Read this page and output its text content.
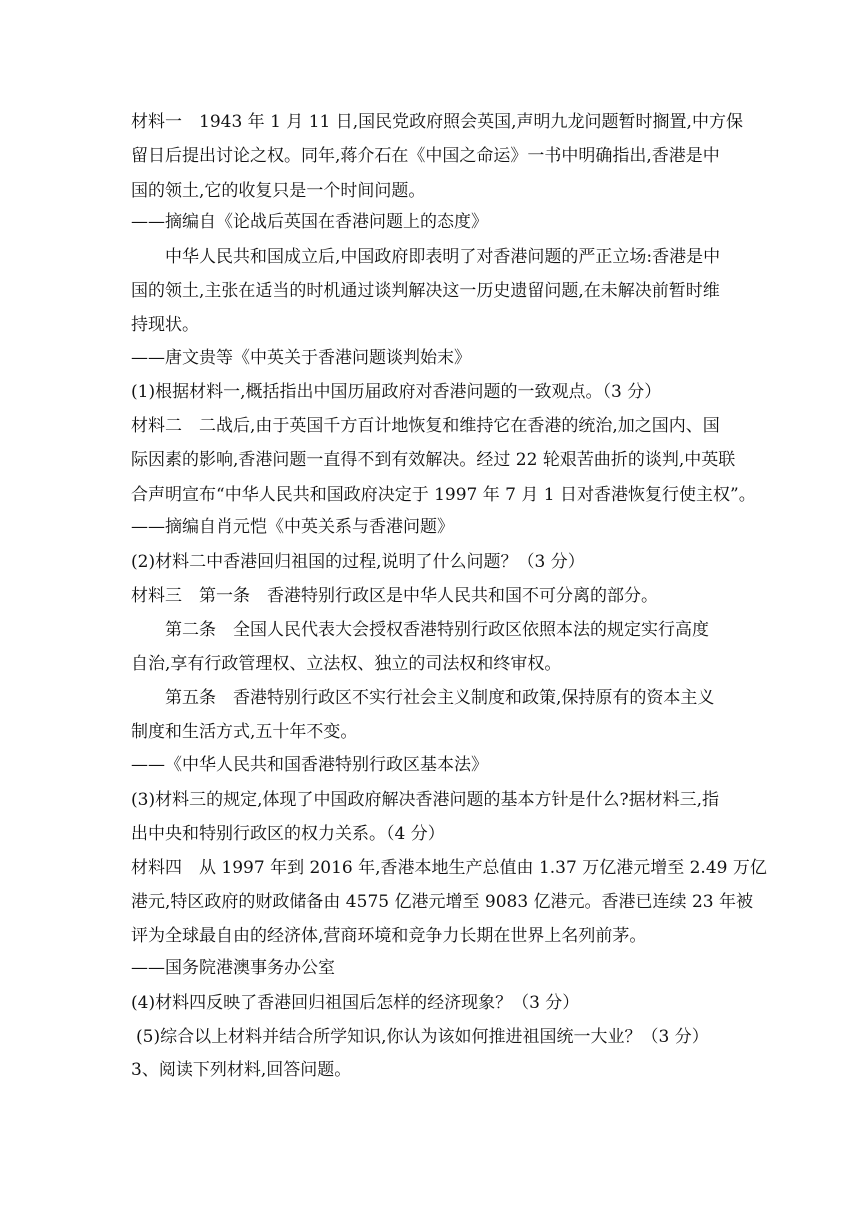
材料一　1943 年 1 月 11 日,国民党政府照会英国,声明九龙问题暂时搁置,中方保
留日后提出讨论之权。同年,蒋介石在《中国之命运》一书中明确指出,香港是中
国的领土,它的收复只是一个时间问题。
——摘编自《论战后英国在香港问题上的态度》
中华人民共和国成立后,中国政府即表明了对香港问题的严正立场:香港是中
国的领土,主张在适当的时机通过谈判解决这一历史遗留问题,在未解决前暂时维
持现状。
——唐文贵等《中英关于香港问题谈判始末》
(1)根据材料一,概括指出中国历届政府对香港问题的一致观点。（3 分）
材料二　二战后,由于英国千方百计地恢复和维持它在香港的统治,加之国内、国
际因素的影响,香港问题一直得不到有效解决。经过 22 轮艰苦曲折的谈判,中英联
合声明宣布“中华人民共和国政府决定于 1997 年 7 月 1 日对香港恢复行使主权”。
——摘编自肖元恺《中英关系与香港问题》
(2)材料二中香港回归祖国的过程,说明了什么问题？（3 分）
材料三　第一条　香港特别行政区是中华人民共和国不可分离的部分。
第二条　全国人民代表大会授权香港特别行政区依照本法的规定实行高度
自治,享有行政管理权、立法权、独立的司法权和终审权。
第五条　香港特别行政区不实行社会主义制度和政策,保持原有的资本主义
制度和生活方式,五十年不变。
——《中华人民共和国香港特别行政区基本法》
(3)材料三的规定,体现了中国政府解决香港问题的基本方针是什么?据材料三,指
出中央和特别行政区的权力关系。（4 分）
材料四　从 1997 年到 2016 年,香港本地生产总值由 1.37 万亿港元增至 2.49 万亿
港元,特区政府的财政储备由 4575 亿港元增至 9083 亿港元。香港已连续 23 年被
评为全球最自由的经济体,营商环境和竞争力长期在世界上名列前茅。
——国务院港澳事务办公室
(4)材料四反映了香港回归祖国后怎样的经济现象？（3 分）
(5)综合以上材料并结合所学知识,你认为该如何推进祖国统一大业？（3 分）
3、阅读下列材料,回答问题。
